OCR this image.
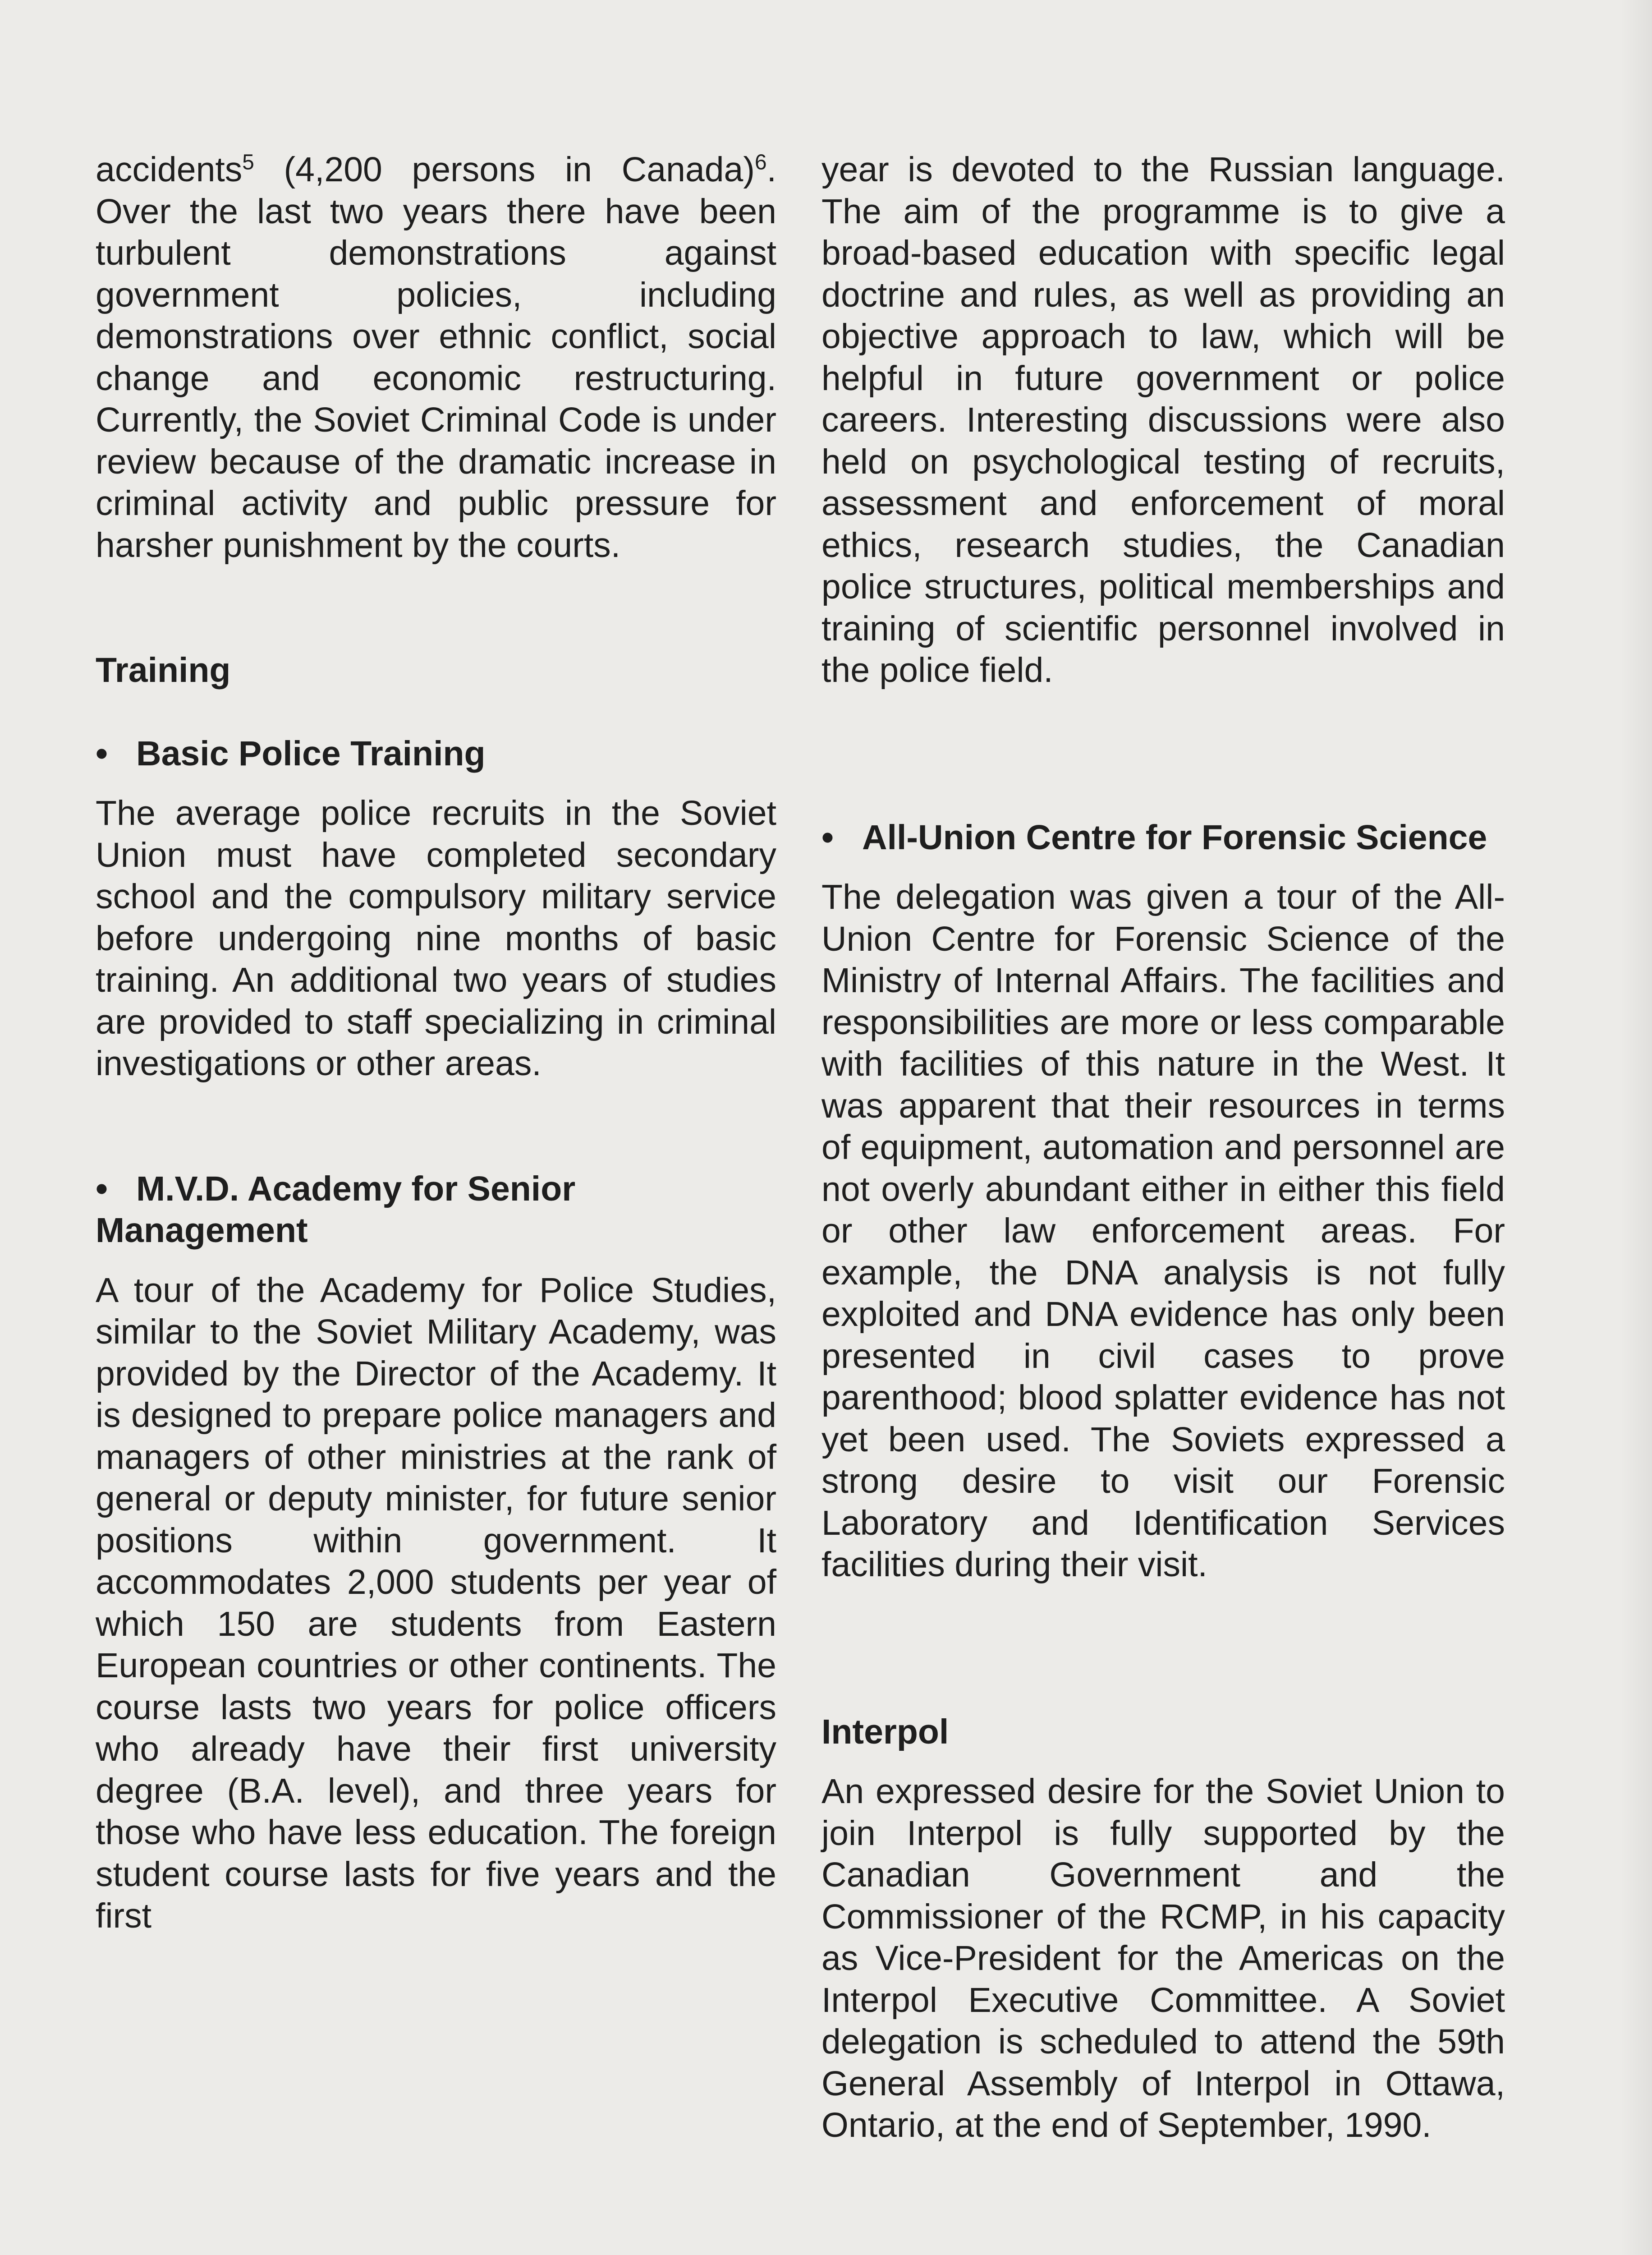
accidents$^5$ (4,200 persons in Canada)$^6$. Over the last two years there have been turbulent demonstrations against government policies, including demonstrations over ethnic conflict, social change and economic restructuring. Currently, the Soviet Criminal Code is under review because of the dramatic increase in criminal activity and public pressure for harsher punishment by the courts.

Training
• Basic Police Training

The average police recruits in the Soviet Union must have completed secondary school and the compulsory military service before undergoing nine months of basic training. An additional two years of studies are provided to staff specializing in criminal investigations or other areas.

• M.V.D. Academy for Senior Management

A tour of the Academy for Police Studies, similar to the Soviet Military Academy, was provided by the Director of the Academy. It is designed to prepare police managers and managers of other ministries at the rank of general or deputy minister, for future senior positions within government. It accommodates 2,000 students per year of which 150 are students from Eastern European countries or other continents. The course lasts two years for police officers who already have their first university degree (B.A. level), and three years for those who have less education. The foreign student course lasts for five years and the first

year is devoted to the Russian language. The aim of the programme is to give a broad-based education with specific legal doctrine and rules, as well as providing an objective approach to law, which will be helpful in future government or police careers. Interesting discussions were also held on psychological testing of recruits, assessment and enforcement of moral ethics, research studies, the Canadian police structures, political memberships and training of scientific personnel involved in the police field.

• All-Union Centre for Forensic Science

The delegation was given a tour of the All-Union Centre for Forensic Science of the Ministry of Internal Affairs. The facilities and responsibilities are more or less comparable with facilities of this nature in the West. It was apparent that their resources in terms of equipment, automation and personnel are not overly abundant either in either this field or other law enforcement areas. For example, the DNA analysis is not fully exploited and DNA evidence has only been presented in civil cases to prove parenthood; blood splatter evidence has not yet been used. The Soviets expressed a strong desire to visit our Forensic Laboratory and Identification Services facilities during their visit.

Interpol

An expressed desire for the Soviet Union to join Interpol is fully supported by the Canadian Government and the Commissioner of the RCMP, in his capacity as Vice-President for the Americas on the Interpol Executive Committee. A Soviet delegation is scheduled to attend the 59th General Assembly of Interpol in Ottawa, Ontario, at the end of September, 1990.
